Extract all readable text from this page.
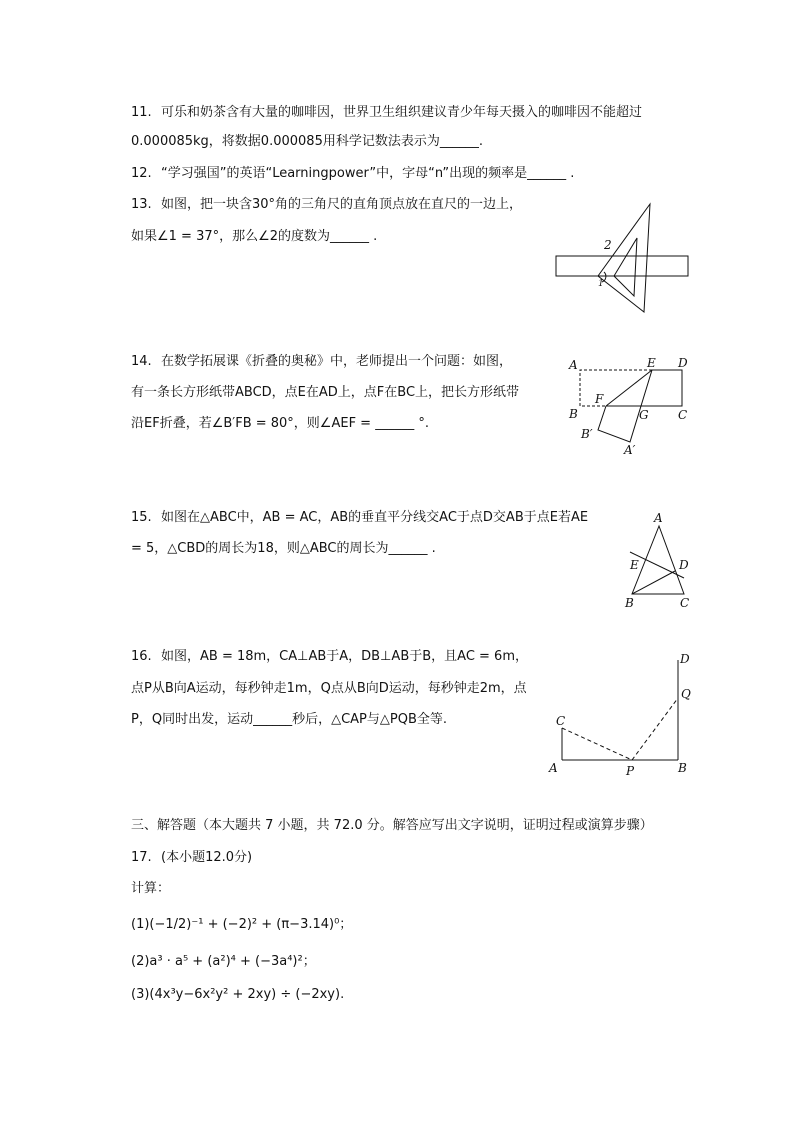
11. 可乐和奶茶含有大量的咖啡因，世界卫生组织建议青少年每天摄入的咖啡因不能超过
0.000085kg，将数据0.000085用科学记数法表示为______.
12. “学习强国”的英语“Learningpower”中，字母“n”出现的频率是______ .
13. 如图，把一块含30°角的三角尺的直角顶点放在直尺的一边上，
如果∠1 = 37°，那么∠2的度数为______ .
2
1
14. 在数学拓展课《折叠的奥秘》中，老师提出一个问题：如图，
有一条长方形纸带ABCD，点E在AD上，点F在BC上，把长方形纸带
沿EF折叠，若∠B′FB = 80°，则∠AEF = ______ °.
A	E D
F
B	G C
B′
A′
15. 如图在△ABC中，AB = AC，AB的垂直平分线交AC于点D交AB于点E若AE
= 5，△CBD的周长为18，则△ABC的周长为______ .
A
E	D
B	C
16. 如图，AB = 18m，CA⊥AB于A，DB⊥AB于B，且AC = 6m，
点P从B向A运动，每秒钟走1m，Q点从B向D运动，每秒钟走2m，点
P，Q同时出发，运动______秒后，△CAP与△PQB全等.
D
Q
C
A	P	B
三、解答题（本大题共 7 小题，共 72.0 分。解答应写出文字说明，证明过程或演算步骤）
17. (本小题12.0分)
计算：
(1)(−1/2)⁻¹ + (−2)² + (π−3.14)⁰；
(2)a³ · a⁵ + (a²)⁴ + (−3a⁴)²；
(3)(4x³y−6x²y² + 2xy) ÷ (−2xy).
